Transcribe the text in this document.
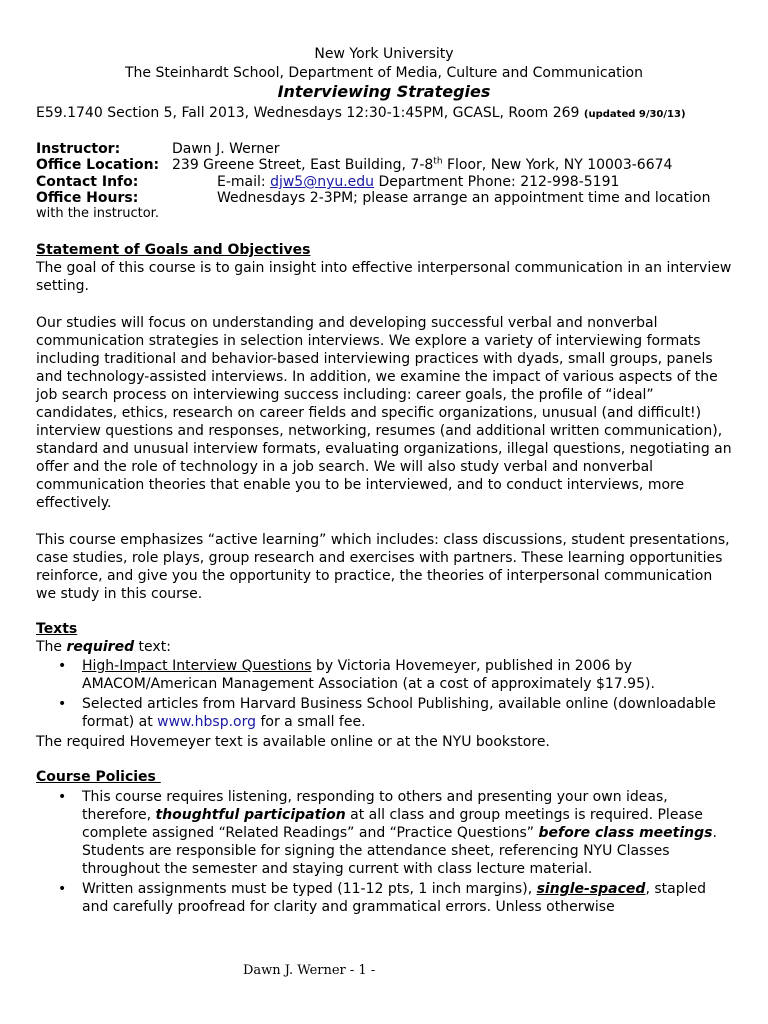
New York University
The Steinhardt School, Department of Media, Culture and Communication
Interviewing Strategies
E59.1740 Section 5, Fall 2013, Wednesdays 12:30-1:45PM, GCASL, Room 269 (updated 9/30/13)
Instructor:	Dawn J. Werner
Office Location: 239 Greene Street, East Building, 7-8th Floor, New York, NY 10003-6674
Contact Info:	E-mail: djw5@nyu.edu Department Phone: 212-998-5191
Office Hours:	Wednesdays 2-3PM; please arrange an appointment time and location
with the instructor.
Statement of Goals and Objectives
The goal of this course is to gain insight into effective interpersonal communication in an interview setting.
Our studies will focus on understanding and developing successful verbal and nonverbal communication strategies in selection interviews. We explore a variety of interviewing formats including traditional and behavior-based interviewing practices with dyads, small groups, panels and technology-assisted interviews. In addition, we examine the impact of various aspects of the job search process on interviewing success including: career goals, the profile of “ideal” candidates, ethics, research on career fields and specific organizations, unusual (and difficult!) interview questions and responses, networking, resumes (and additional written communication), standard and unusual interview formats, evaluating organizations, illegal questions, negotiating an offer and the role of technology in a job search. We will also study verbal and nonverbal communication theories that enable you to be interviewed, and to conduct interviews, more effectively.
This course emphasizes “active learning” which includes: class discussions, student presentations, case studies, role plays, group research and exercises with partners. These learning opportunities reinforce, and give you the opportunity to practice, the theories of interpersonal communication we study in this course.
Texts
The required text:
• High-Impact Interview Questions by Victoria Hovemeyer, published in 2006 by AMACOM/American Management Association (at a cost of approximately $17.95).
• Selected articles from Harvard Business School Publishing, available online (downloadable format) at www.hbsp.org for a small fee.
The required Hovemeyer text is available online or at the NYU bookstore.
Course Policies
• This course requires listening, responding to others and presenting your own ideas, therefore, thoughtful participation at all class and group meetings is required. Please complete assigned “Related Readings” and “Practice Questions” before class meetings. Students are responsible for signing the attendance sheet, referencing NYU Classes throughout the semester and staying current with class lecture material.
• Written assignments must be typed (11-12 pts, 1 inch margins), single-spaced, stapled and carefully proofread for clarity and grammatical errors. Unless otherwise
Dawn J. Werner - 1 -
